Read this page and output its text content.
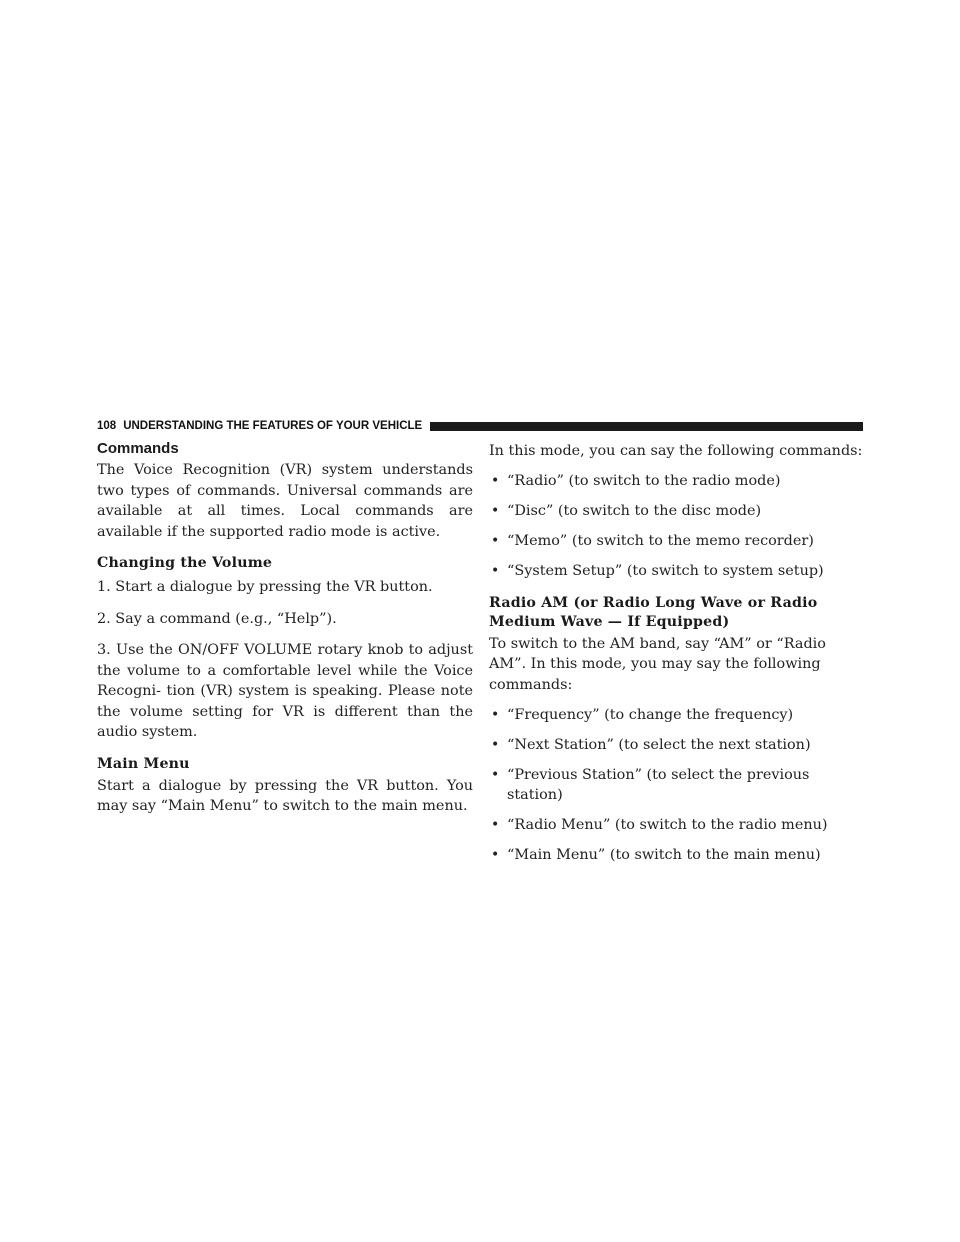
108 UNDERSTANDING THE FEATURES OF YOUR VEHICLE
Commands

The Voice Recognition (VR) system understands two types of commands. Universal commands are available at all times. Local commands are available if the supported radio mode is active.

Changing the Volume

1. Start a dialogue by pressing the VR button.

2. Say a command (e.g., “Help”).

3. Use the ON/OFF VOLUME rotary knob to adjust the volume to a comfortable level while the Voice Recogni- tion (VR) system is speaking. Please note the volume setting for VR is different than the audio system.

Main Menu

Start a dialogue by pressing the VR button. You may say “Main Menu” to switch to the main menu.

In this mode, you can say the following commands:

• “Radio” (to switch to the radio mode)
• “Disc” (to switch to the disc mode)
• “Memo” (to switch to the memo recorder)
• “System Setup” (to switch to system setup)
Radio AM (or Radio Long Wave or Radio Medium Wave — If Equipped)

To switch to the AM band, say “AM” or “Radio AM”. In this mode, you may say the following commands:

• “Frequency” (to change the frequency)
• “Next Station” (to select the next station)
• “Previous Station” (to select the previous station)
• “Radio Menu” (to switch to the radio menu)
• “Main Menu” (to switch to the main menu)
